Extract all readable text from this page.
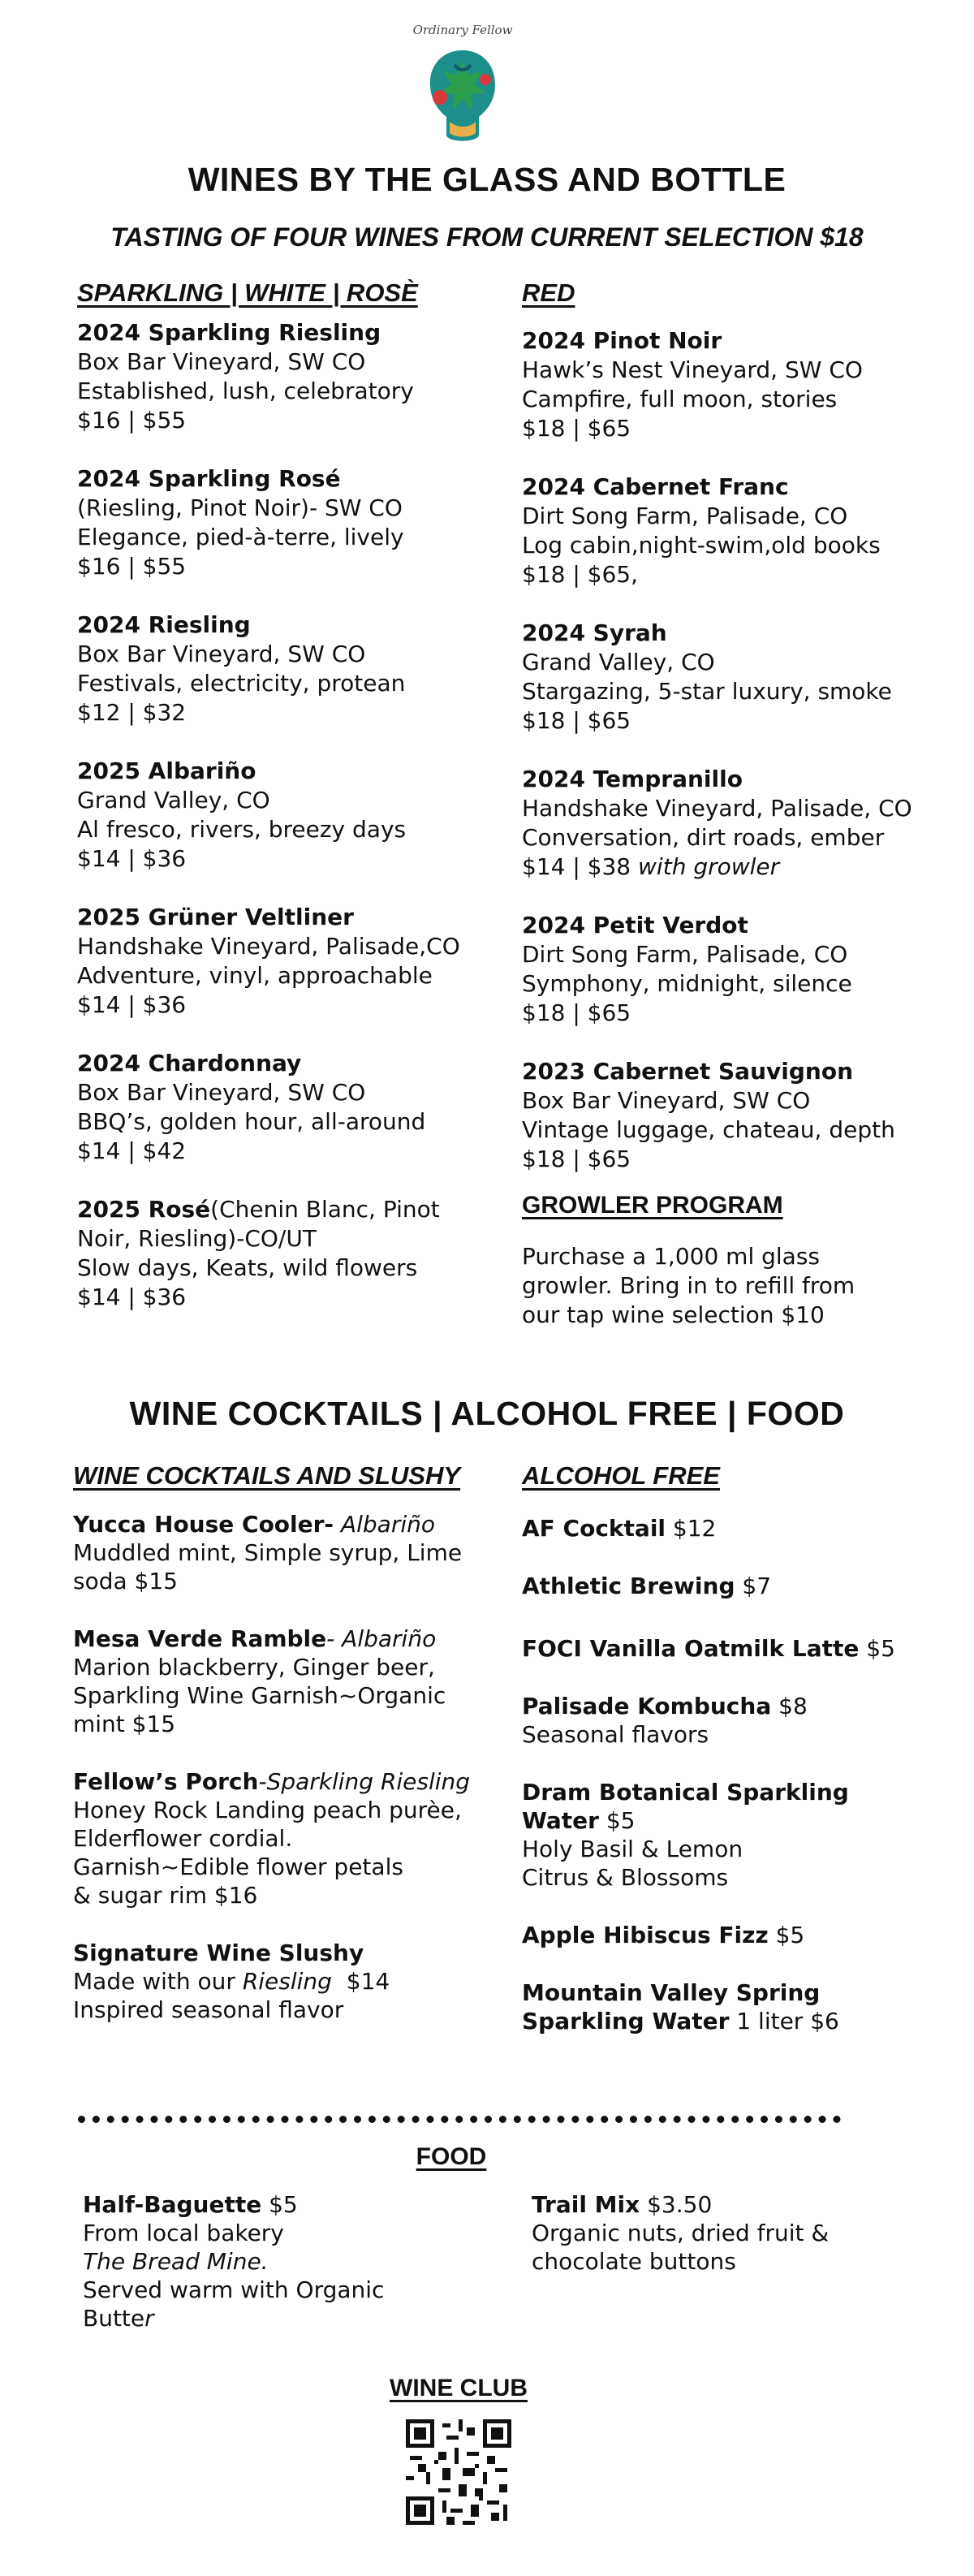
Ordinary Fellow
WINES BY THE GLASS AND BOTTLE
TASTING OF FOUR WINES FROM CURRENT SELECTION $18
SPARKLING | WHITE | ROSÈ
2024 Sparkling Riesling
Box Bar Vineyard, SW CO
Established, lush, celebratory
$16 | $55
2024 Sparkling Rosé
(Riesling, Pinot Noir)- SW CO
Elegance, pied-à-terre, lively
$16 | $55
2024 Riesling
Box Bar Vineyard, SW CO
Festivals, electricity, protean
$12 | $32
2025 Albariño
Grand Valley, CO
Al fresco, rivers, breezy days
$14 | $36
2025 Grüner Veltliner
Handshake Vineyard, Palisade,CO
Adventure, vinyl, approachable
$14 | $36
2024 Chardonnay
Box Bar Vineyard, SW CO
BBQ’s, golden hour, all-around
$14 | $42
2025 Rosé(Chenin Blanc, Pinot
Noir, Riesling)-CO/UT
Slow days, Keats, wild flowers
$14 | $36
RED
2024 Pinot Noir
Hawk’s Nest Vineyard, SW CO
Campfire, full moon, stories
$18 | $65
2024 Cabernet Franc
Dirt Song Farm, Palisade, CO
Log cabin,night-swim,old books
$18 | $65,
2024 Syrah
Grand Valley, CO
Stargazing, 5-star luxury, smoke
$18 | $65
2024 Tempranillo
Handshake Vineyard, Palisade, CO
Conversation, dirt roads, ember
$14 | $38 with growler
2024 Petit Verdot
Dirt Song Farm, Palisade, CO
Symphony, midnight, silence
$18 | $65
2023 Cabernet Sauvignon
Box Bar Vineyard, SW CO
Vintage luggage, chateau, depth
$18 | $65
GROWLER PROGRAM
Purchase a 1,000 ml glass
growler. Bring in to refill from
our tap wine selection $10
WINE COCKTAILS | ALCOHOL FREE | FOOD
WINE COCKTAILS AND SLUSHY
Yucca House Cooler- Albariño
Muddled mint, Simple syrup, Lime
soda $15
Mesa Verde Ramble- Albariño
Marion blackberry, Ginger beer,
Sparkling Wine Garnish~Organic
mint $15
Fellow’s Porch-Sparkling Riesling
Honey Rock Landing peach purèe,
Elderflower cordial.
Garnish~Edible flower petals
& sugar rim $16
Signature Wine Slushy
Made with our Riesling  $14
Inspired seasonal flavor
ALCOHOL FREE
AF Cocktail $12
Athletic Brewing $7
FOCI Vanilla Oatmilk Latte $5
Palisade Kombucha $8
Seasonal flavors
Dram Botanical Sparkling
Water $5
Holy Basil & Lemon
Citrus & Blossoms
Apple Hibiscus Fizz $5
Mountain Valley Spring
Sparkling Water 1 liter $6
FOOD
Half-Baguette $5
From local bakery
The Bread Mine.
Served warm with Organic
Butter
Trail Mix $3.50
Organic nuts, dried fruit &
chocolate buttons
WINE CLUB
